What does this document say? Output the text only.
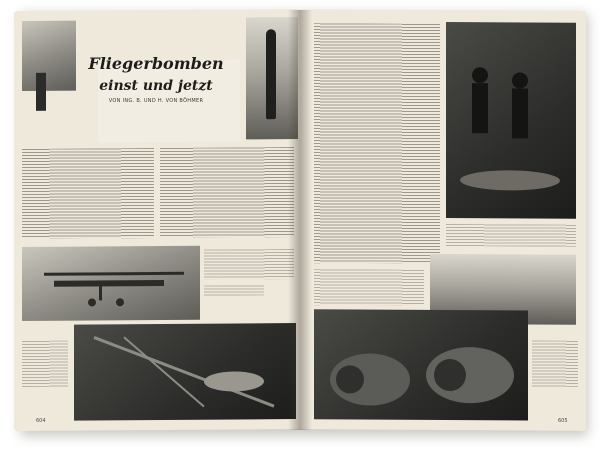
Fliegerbomben
einst und jetzt
VON ING. B. UND H. VON BÖHMER
604	605
